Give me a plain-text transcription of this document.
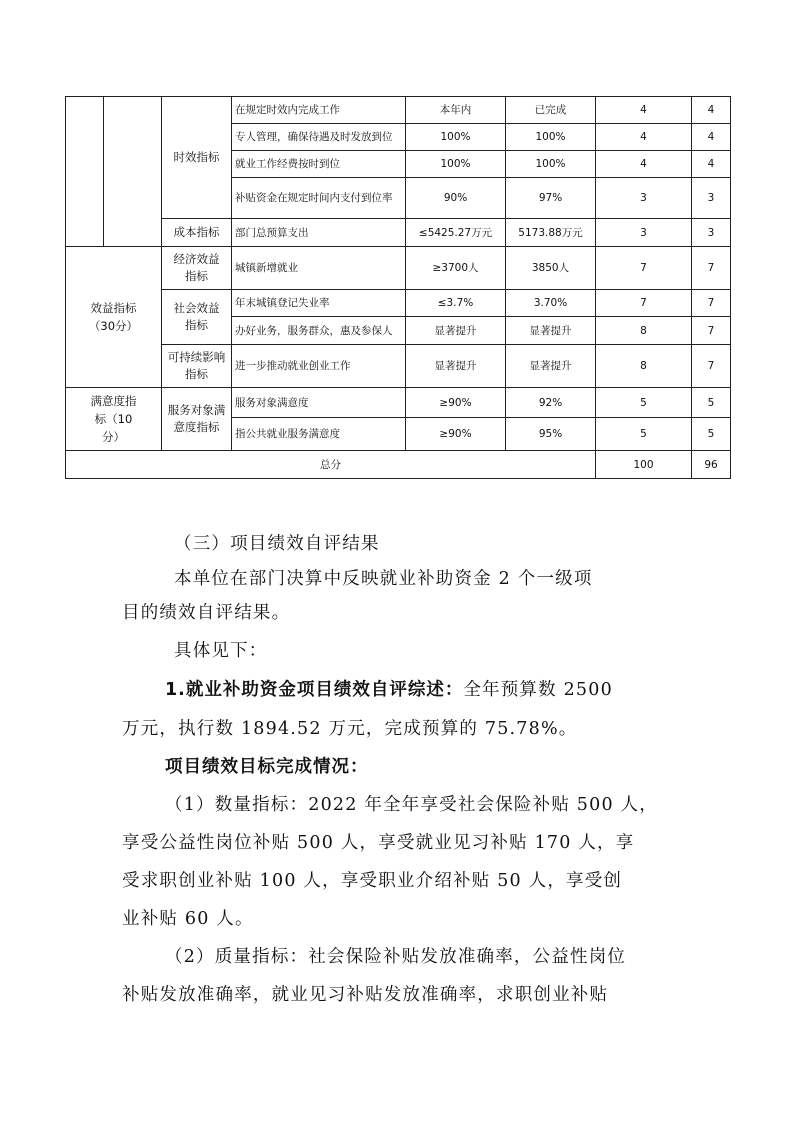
		时效指标	在规定时效内完成工作	本年内	已完成	4	4
			专人管理，确保待遇及时发放到位	100%	100%	4	4
			就业工作经费按时到位	100%	100%	4	4
			补贴资金在规定时间内支付到位率	90%	97%	3	3

		成本指标	部门总预算支出	≤5425.27万元	5173.88万元	3	3
效益指标（30分）		经济效益指标	城镇新增就业	≥3700人	3850人	7	7
		社会效益指标	年末城镇登记失业率	≤3.7%	3.70%	7	7
			办好业务，服务群众，惠及参保人	显著提升	显著提升	8	7
		可持续影响指标	进一步推动就业创业工作	显著提升	显著提升	8	7
满意度指标（10分）		服务对象满意度指标	服务对象满意度	≥90%	92%	5	5
			指公共就业服务满意度	≥90%	95%	5	5
总分						100	96
（三）项目绩效自评结果
本单位在部门决算中反映就业补助资金 2 个一级项
目的绩效自评结果。
具体见下：
1.就业补助资金项目绩效自评综述：全年预算数 2500
万元，执行数 1894.52 万元，完成预算的 75.78%。
项目绩效目标完成情况：
（1）数量指标：2022 年全年享受社会保险补贴 500 人，
享受公益性岗位补贴 500 人，享受就业见习补贴 170 人，享
受求职创业补贴 100 人，享受职业介绍补贴 50 人，享受创
业补贴 60 人。
（2）质量指标：社会保险补贴发放准确率，公益性岗位
补贴发放准确率，就业见习补贴发放准确率，求职创业补贴
